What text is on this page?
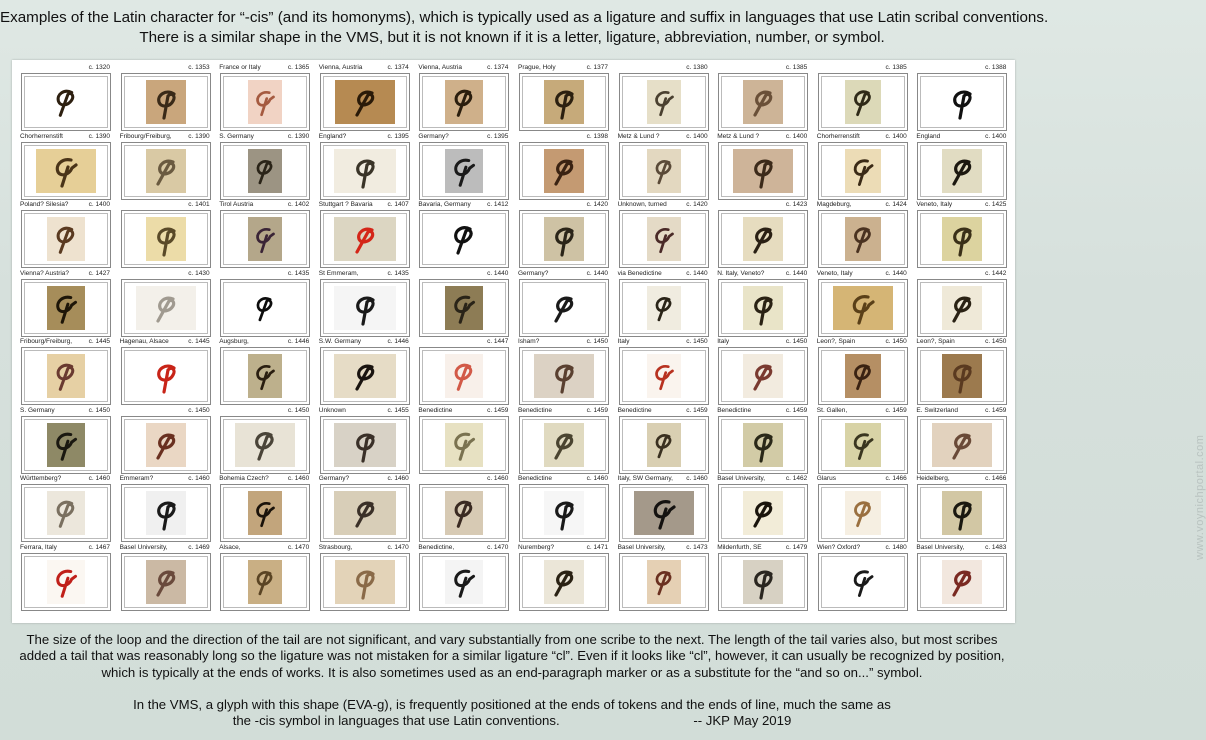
Examples of the Latin character for “-cis” (and its homonyms), which is typically used as a ligature and suffix in languages that use Latin scribal conventions.
There is a similar shape in the VMS, but it is not known if it is a letter, ligature, abbreviation, number, or symbol.
c. 1320	c. 1353 France or Italy	c. 1365 Vienna, Austria	c. 1374 Vienna, Austria	c. 1374 Prague, Holy	c. 1377	c. 1380	c. 1385	c. 1385	c. 1388
Chorherrenstift	c. 1390 Fribourg/Freiburg,	c. 1390 S. Germany	c. 1390 England?	c. 1395 Germany?	c. 1395	c. 1398 Metz & Lund ?	c. 1400 Metz & Lund ?	c. 1400 Chorherrenstift	c. 1400 England	c. 1400
Poland? Silesia?	c. 1400	c. 1401 Tirol Austria	c. 1402 Stuttgart ? Bavaria c. 1407 Bavaria, Germany	c. 1412	c. 1420 Unknown, turned	c. 1420	c. 1423 Magdeburg,	c. 1424 Veneto, Italy	c. 1425
Vienna? Austria?	c. 1427	c. 1430	c. 1435 St Emmeram,	c. 1435	c. 1440 Germany?	c. 1440 via Benedictine	c. 1440 N. Italy, Veneto?	c. 1440 Veneto, Italy	c. 1440	c. 1442
Fribourg/Freiburg,	c. 1445 Hagenau, Alsace	c. 1445 Augsburg,	c. 1446 S.W. Germany	c. 1446	c. 1447 Isham?	c. 1450 Italy	c. 1450 Italy	c. 1450 Leon?, Spain	c. 1450 Leon?, Spain	c. 1450
S. Germany	c. 1450	c. 1450	c. 1450 Unknown	c. 1455 Benedictine	c. 1459 Benedictine	c. 1459 Benedictine	c. 1459 Benedictine	c. 1459 St. Gallen,	c. 1459 E. Switzerland	c. 1459
Württemberg?	c. 1460 Emmeram?	c. 1460 Bohemia Czech?	c. 1460 Germany?	c. 1460	c. 1460 Benedictine	c. 1460 Italy, SW Germany, c. 1460 Basel University,	c. 1462 Glarus	c. 1466 Heidelberg,	c. 1466
Ferrara, Italy	c. 1467 Basel University,	c. 1469 Alsace,	c. 1470 Strasbourg,	c. 1470 Benedictine,	c. 1470 Nuremberg?	c. 1471 Basel University,	c. 1473 Mildenfurth, SE	c. 1479 Wien? Oxford?	c. 1480 Basel University,	c. 1483	www.voynichportal.com
The size of the loop and the direction of the tail are not significant, and vary substantially from one scribe to the next. The length of the tail varies also, but most scribes
added a tail that was reasonably long so the ligature was not mistaken for a similar ligature “cl”. Even if it looks like “cl”, however, it can usually be recognized by position,
which is typically at the ends of works. It is also sometimes used as an end-paragraph marker or as a substitute for the “and so on...” symbol.
In the VMS, a glyph with this shape (EVA-g), is frequently positioned at the ends of tokens and the ends of line, much the same as
the -cis symbol in languages that use Latin conventions.	-- JKP May 2019
